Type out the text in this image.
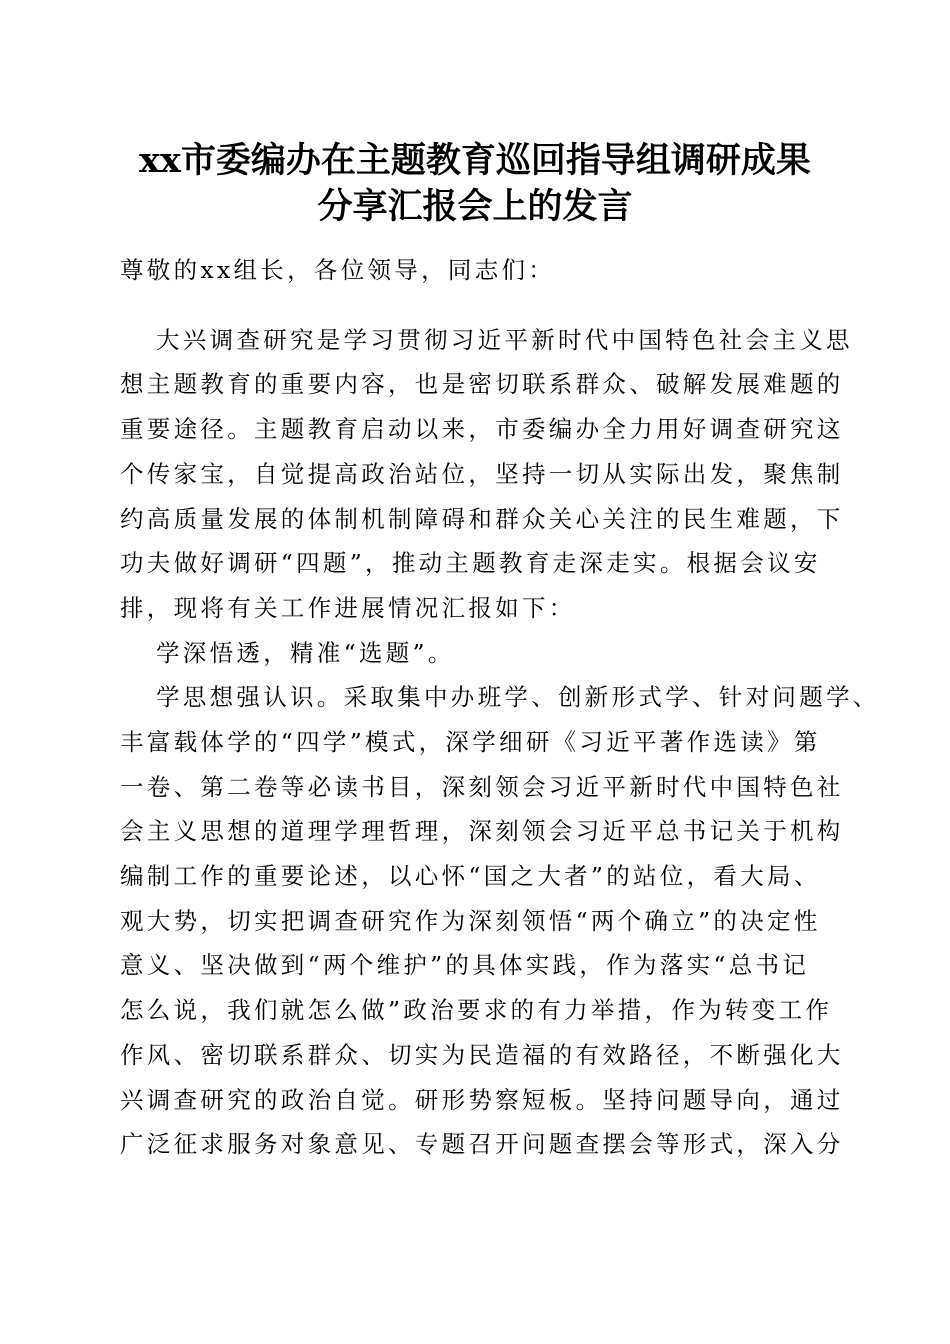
xx市委编办在主题教育巡回指导组调研成果
分享汇报会上的发言
尊敬的xx组长，各位领导，同志们：
大兴调查研究是学习贯彻习近平新时代中国特色社会主义思
想主题教育的重要内容，也是密切联系群众、破解发展难题的
重要途径。主题教育启动以来，市委编办全力用好调查研究这
个传家宝，自觉提高政治站位，坚持一切从实际出发，聚焦制
约高质量发展的体制机制障碍和群众关心关注的民生难题，下
功夫做好调研“四题”，推动主题教育走深走实。根据会议安
排，现将有关工作进展情况汇报如下：
学深悟透，精准“选题”。
学思想强认识。采取集中办班学、创新形式学、针对问题学、
丰富载体学的“四学”模式，深学细研《习近平著作选读》第
一卷、第二卷等必读书目，深刻领会习近平新时代中国特色社
会主义思想的道理学理哲理，深刻领会习近平总书记关于机构
编制工作的重要论述，以心怀“国之大者”的站位，看大局、
观大势，切实把调查研究作为深刻领悟“两个确立”的决定性
意义、坚决做到“两个维护”的具体实践，作为落实“总书记
怎么说，我们就怎么做”政治要求的有力举措，作为转变工作
作风、密切联系群众、切实为民造福的有效路径，不断强化大
兴调查研究的政治自觉。研形势察短板。坚持问题导向，通过
广泛征求服务对象意见、专题召开问题查摆会等形式，深入分
